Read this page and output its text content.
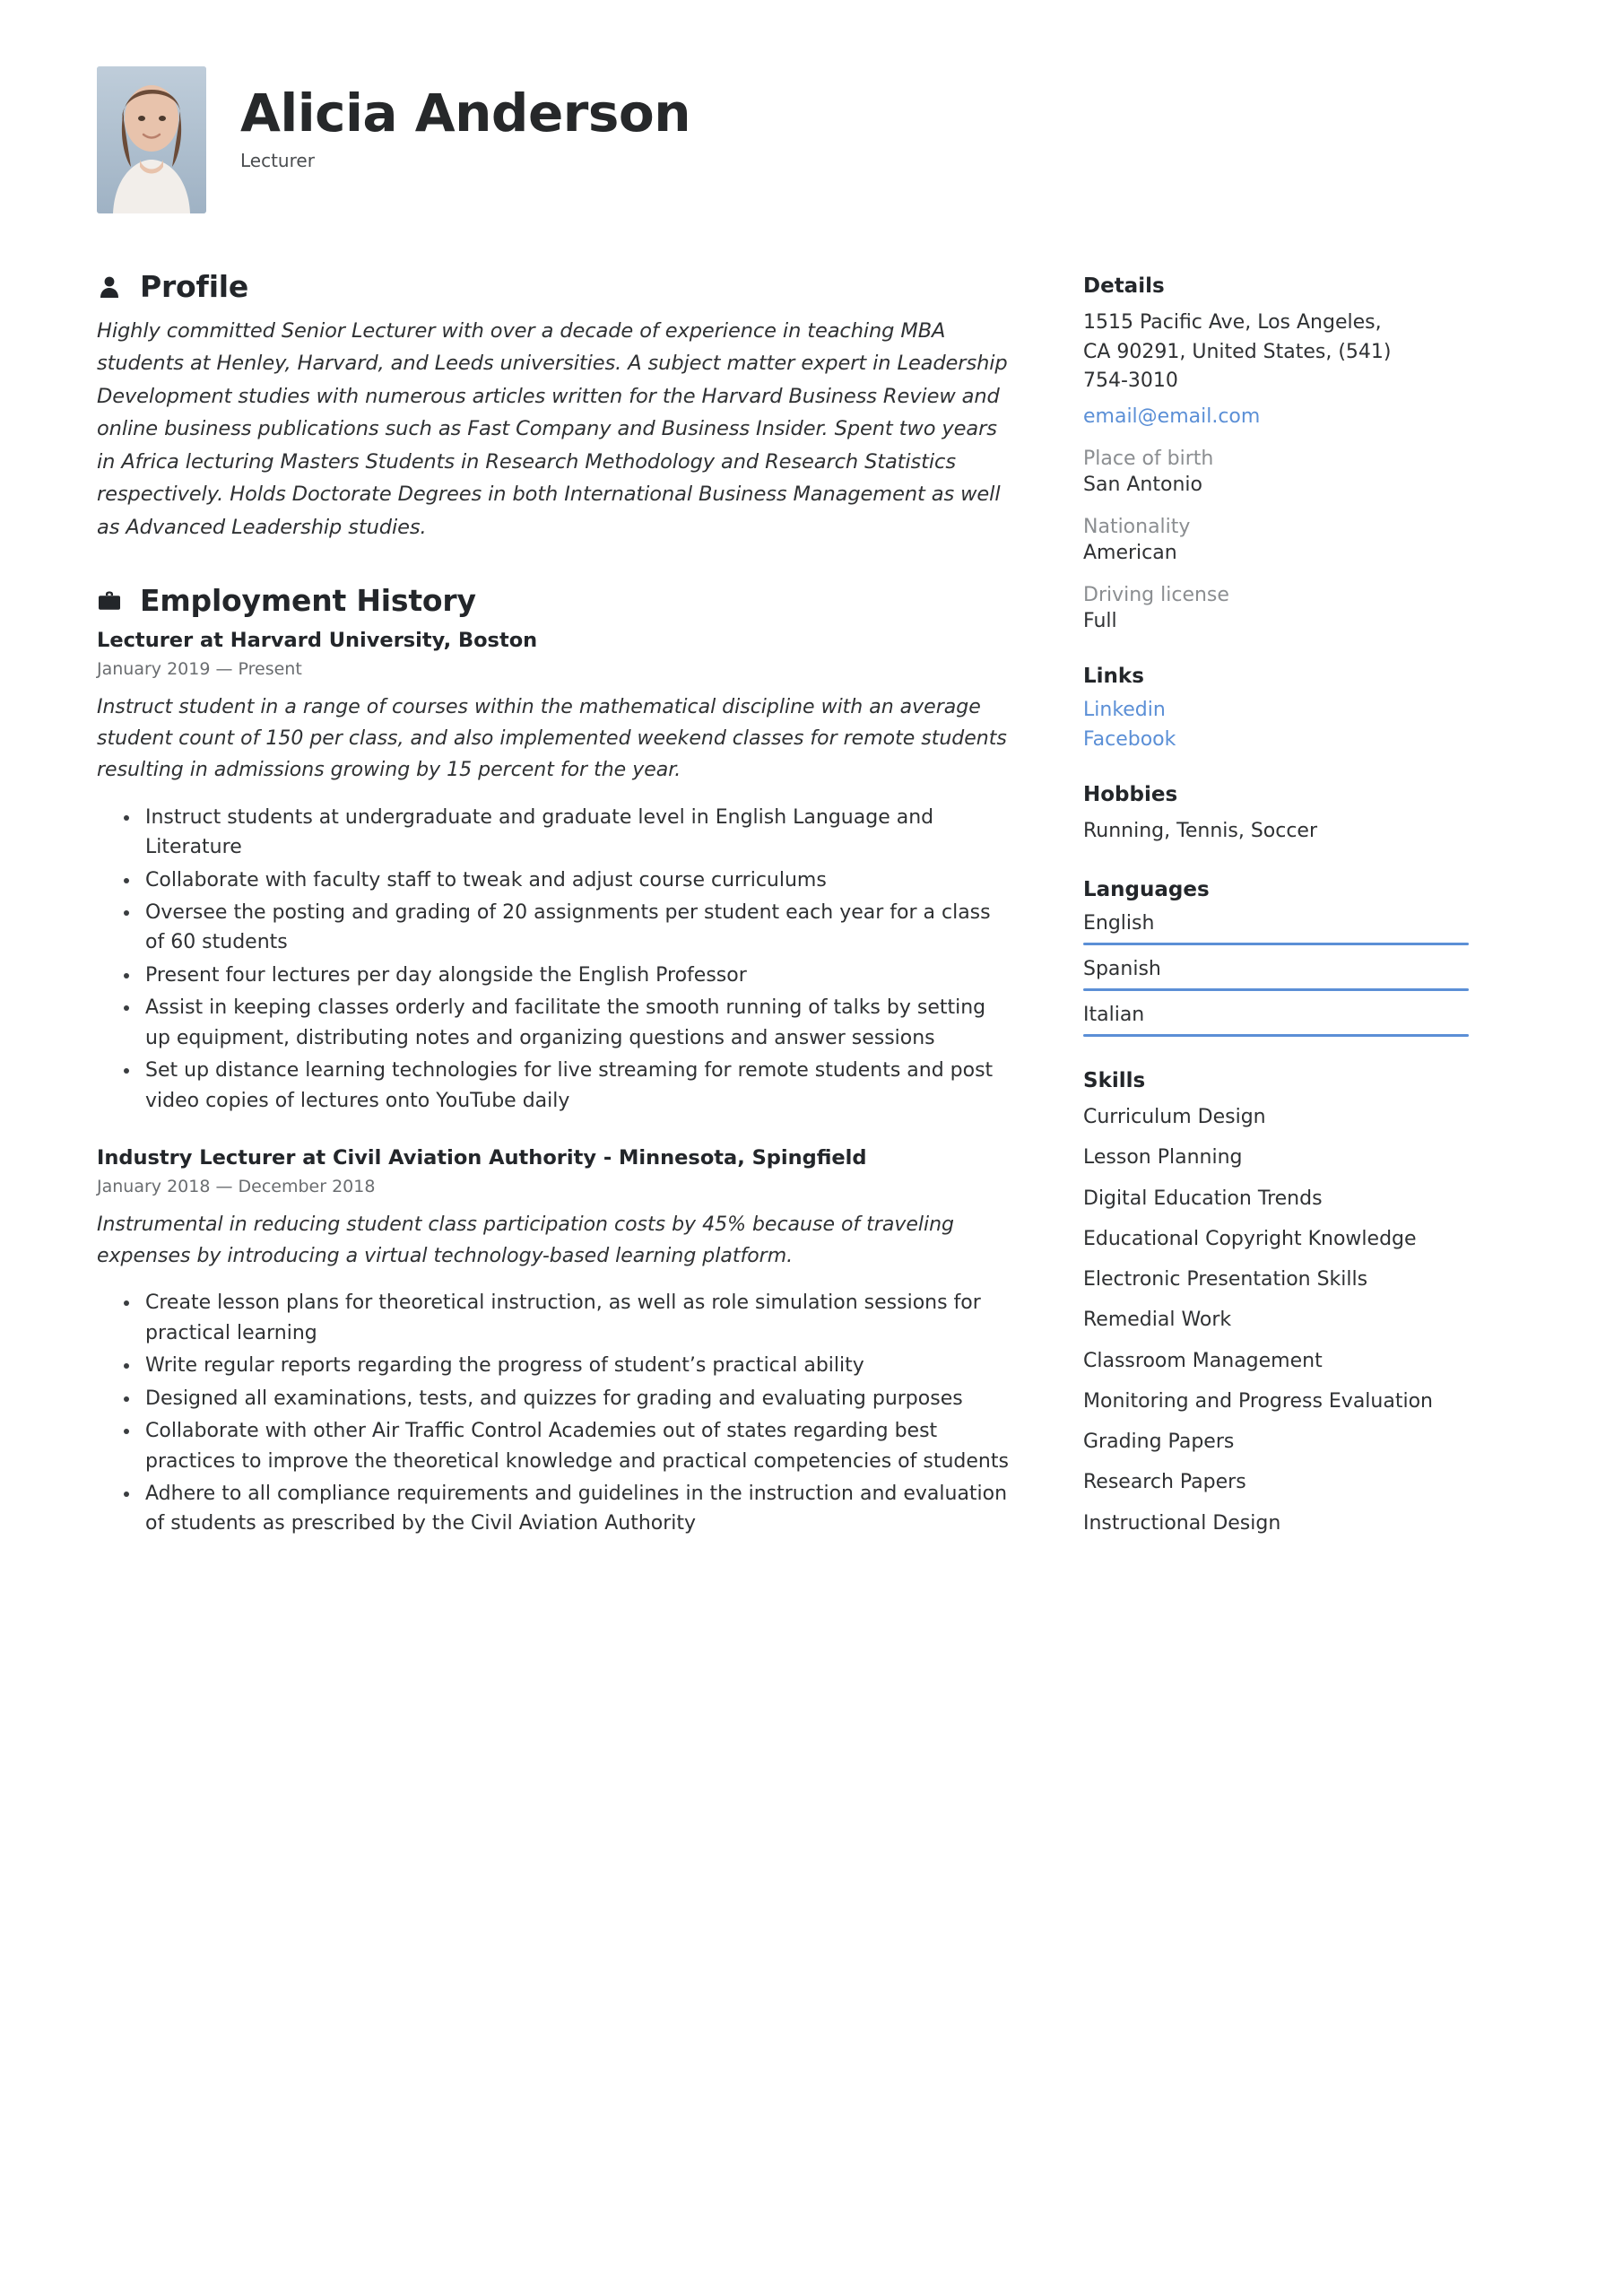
Alicia Anderson
Lecturer
Profile

Highly committed Senior Lecturer with over a decade of experience in teaching MBA students at Henley, Harvard, and Leeds universities. A subject matter expert in Leadership Development studies with numerous articles written for the Harvard Business Review and online business publications such as Fast Company and Business Insider. Spent two years in Africa lecturing Masters Students in Research Methodology and Research Statistics respectively. Holds Doctorate Degrees in both International Business Management as well as Advanced Leadership studies.

Employment History
Lecturer at Harvard University, Boston
January 2019 — Present

Instruct student in a range of courses within the mathematical discipline with an average student count of 150 per class, and also implemented weekend classes for remote students resulting in admissions growing by 15 percent for the year.

Instruct students at undergraduate and graduate level in English Language and Literature
Collaborate with faculty staff to tweak and adjust course curriculums
Oversee the posting and grading of 20 assignments per student each year for a class of 60 students
Present four lectures per day alongside the English Professor
Assist in keeping classes orderly and facilitate the smooth running of talks by setting up equipment, distributing notes and organizing questions and answer sessions
Set up distance learning technologies for live streaming for remote students and post video copies of lectures onto YouTube daily
Industry Lecturer at Civil Aviation Authority - Minnesota, Spingfield
January 2018 — December 2018

Instrumental in reducing student class participation costs by 45% because of traveling expenses by introducing a virtual technology-based learning platform.

Create lesson plans for theoretical instruction, as well as role simulation sessions for practical learning
Write regular reports regarding the progress of student’s practical ability
Designed all examinations, tests, and quizzes for grading and evaluating purposes
Collaborate with other Air Traffic Control Academies out of states regarding best practices to improve the theoretical knowledge and practical competencies of students
Adhere to all compliance requirements and guidelines in the instruction and evaluation of students as prescribed by the Civil Aviation Authority
Details
1515 Pacific Ave, Los Angeles,
CA 90291, United States, (541)
754-3010
email@email.com
Place of birth
San Antonio
Nationality
American
Driving license
Full
Links
Linkedin
Facebook
Hobbies
Running, Tennis, Soccer
Languages
English
Spanish
Italian
Skills
Curriculum Design
Lesson Planning
Digital Education Trends
Educational Copyright Knowledge
Electronic Presentation Skills
Remedial Work
Classroom Management
Monitoring and Progress Evaluation
Grading Papers
Research Papers
Instructional Design
